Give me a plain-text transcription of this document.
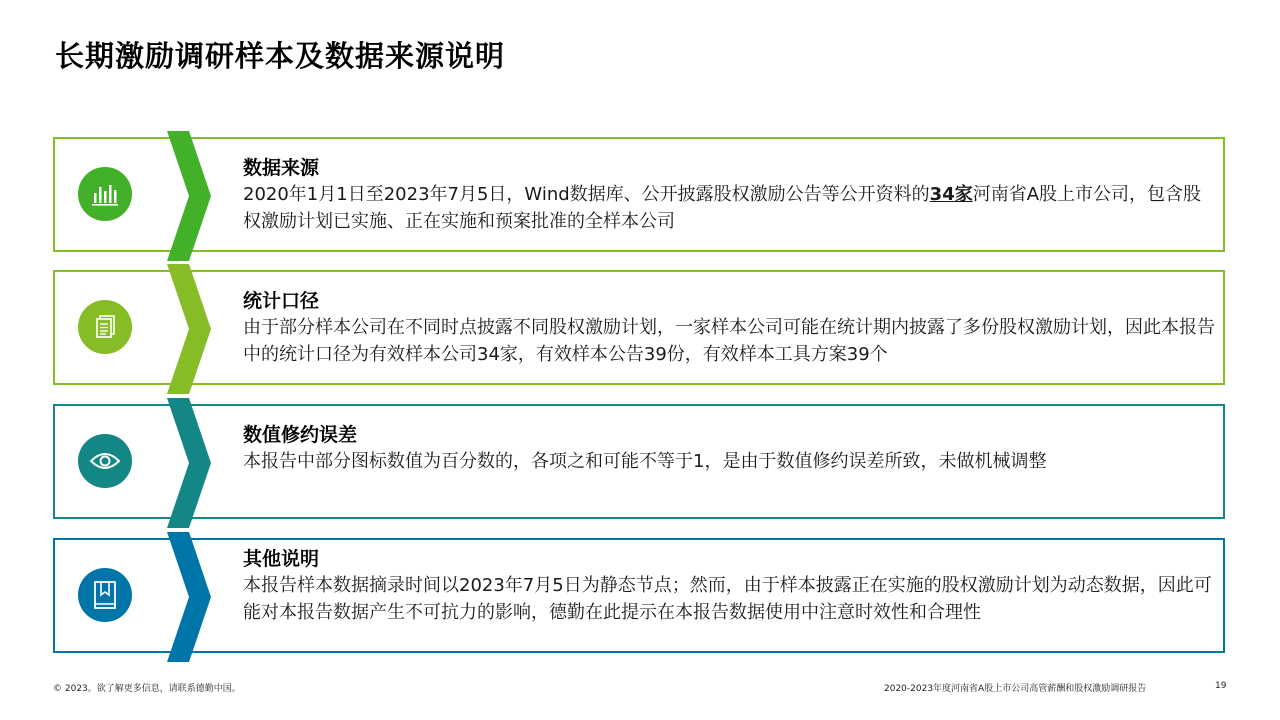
长期激励调研样本及数据来源说明
数据来源
2020年1月1日至2023年7月5日，Wind数据库、公开披露股权激励公告等公开资料的34家河南省A股上市公司，包含股权激励计划已实施、正在实施和预案批准的全样本公司
统计口径
由于部分样本公司在不同时点披露不同股权激励计划，一家样本公司可能在统计期内披露了多份股权激励计划，因此本报告中的统计口径为有效样本公司34家，有效样本公告39份，有效样本工具方案39个
数值修约误差
本报告中部分图标数值为百分数的，各项之和可能不等于1，是由于数值修约误差所致，未做机械调整
其他说明
本报告样本数据摘录时间以2023年7月5日为静态节点；然而，由于样本披露正在实施的股权激励计划为动态数据，因此可能对本报告数据产生不可抗力的影响，德勤在此提示在本报告数据使用中注意时效性和合理性
© 2023。欲了解更多信息，请联系德勤中国。	2020-2023年度河南省A股上市公司高管薪酬和股权激励调研报告	19
